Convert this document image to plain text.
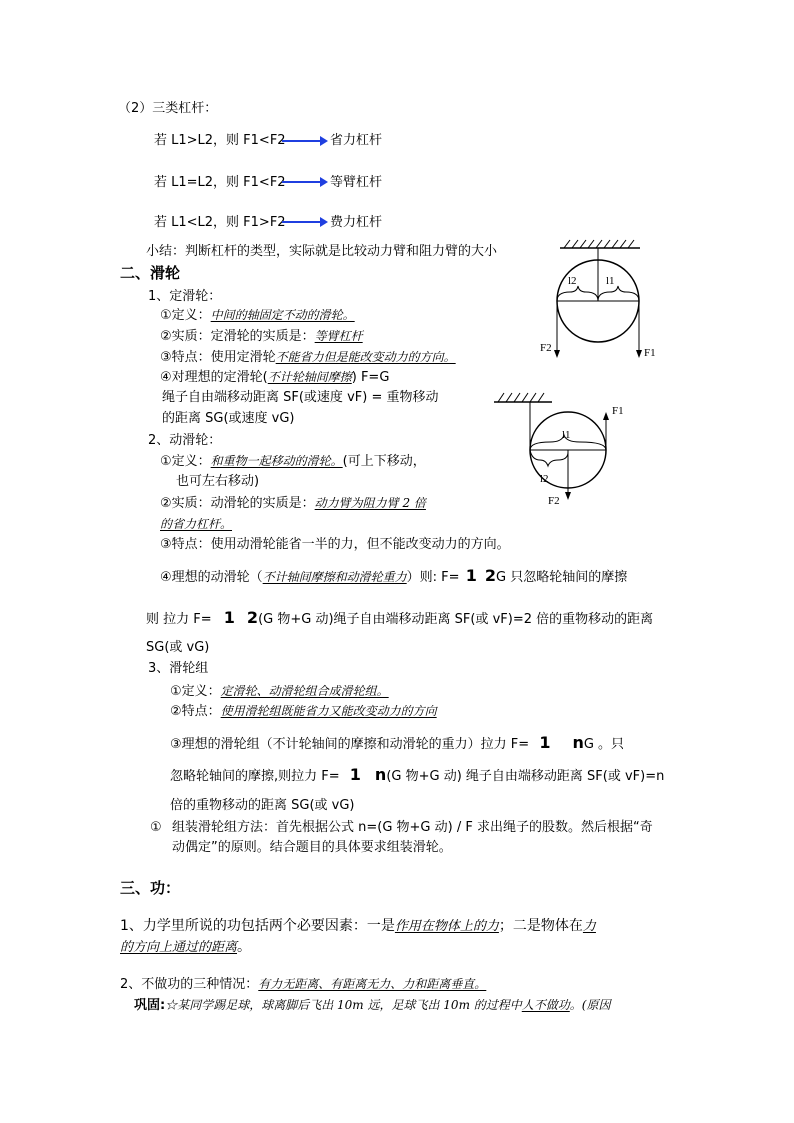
（2）三类杠杆：
若 L1>L2，则 F1<F2	省力杠杆
若 L1=L2，则 F1<F2	等臂杠杆
若 L1<L2，则 F1>F2	费力杠杆
小结：判断杠杆的类型，实际就是比较动力臂和阻力臂的大小
二、滑轮
1、定滑轮：
①定义：中间的轴固定不动的滑轮。
②实质：定滑轮的实质是：等臂杠杆
③特点：使用定滑轮不能省力但是能改变动力的方向。
④对理想的定滑轮(不计轮轴间摩擦) F=G
绳子自由端移动距离 SF(或速度 vF) = 重物移动
的距离 SG(或速度 vG)
2、动滑轮：
①定义：和重物一起移动的滑轮。(可上下移动，
也可左右移动)
②实质：动滑轮的实质是：动力臂为阻力臂 2 倍
的省力杠杆。
③特点：使用动滑轮能省一半的力，但不能改变动力的方向。
④理想的动滑轮（不计轴间摩擦和动滑轮重力）则: F= 1 2G 只忽略轮轴间的摩擦
则 拉力 F= 1 2(G 物+G 动)绳子自由端移动距离 SF(或 vF)=2 倍的重物移动的距离
SG(或 vG)
3、滑轮组
①定义：定滑轮、动滑轮组合成滑轮组。
②特点：使用滑轮组既能省力又能改变动力的方向
③理想的滑轮组（不计轮轴间的摩擦和动滑轮的重力）拉力 F= 1 nG 。只
忽略轮轴间的摩擦,则拉力 F= 1 n(G 物+G 动) 绳子自由端移动距离 SF(或 vF)=n
倍的重物移动的距离 SG(或 vG)
① 组装滑轮组方法：首先根据公式 n=(G 物+G 动) / F 求出绳子的股数。然后根据“奇
动偶定”的原则。结合题目的具体要求组装滑轮。
三、功：
1、力学里所说的功包括两个必要因素：一是作用在物体上的力；二是物体在力
的方向上通过的距离。
2、不做功的三种情况：有力无距离、有距离无力、力和距离垂直。
巩固:☆某同学踢足球，球离脚后飞出 10m 远，足球飞出 10m 的过程中人不做功。(原因
l2	l1
F2	F1
F1
l1
l2
F2
